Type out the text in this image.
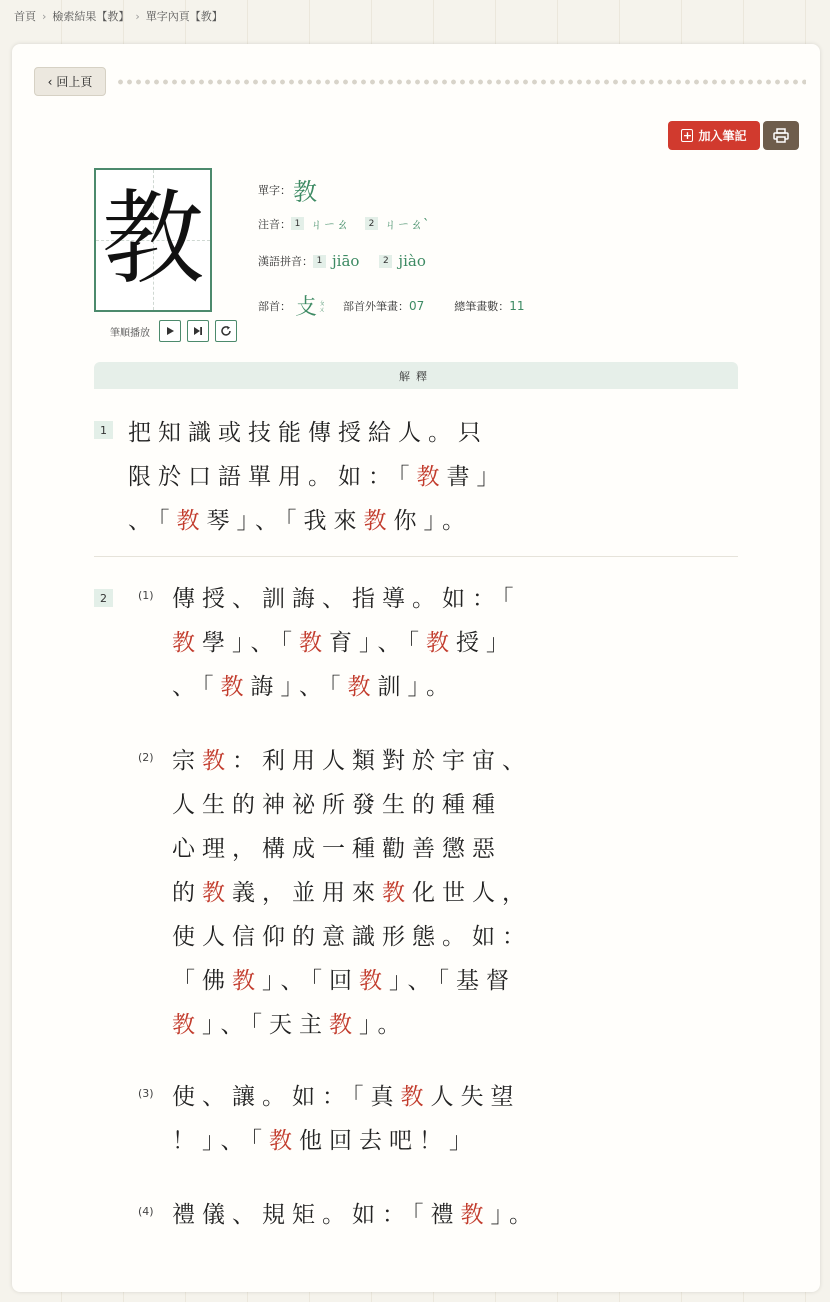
首頁 › 檢索結果【教】 › 單字內頁【教】
‹ 回上頁
+ 加入筆記
教
筆順播放
單字： 教
注音： 1 ㄐㄧㄠ	2 ㄐㄧㄠˋ
漢語拼音： 1 jiāo	2 jiào
部首： 攴 ㄆㄨ 部首外筆畫： 07	總筆畫數： 11
解釋
1 把知識或技能傳授給人。只
限於口語單用。如：「教書」
、「教琴」、「我來教你」。
2	(1) 傳授、訓誨、指導。如：「
教學」、「教育」、「教授」
、「教誨」、「教訓」。
(2) 宗教：利用人類對於宇宙、
人生的神祕所發生的種種
心理，構成一種勸善懲惡
的教義，並用來教化世人，
使人信仰的意識形態。如：
「佛教」、「回教」、「基督
教」、「天主教」。
(3) 使、讓。如：「真教人失望
！」、「教他回去吧！」
(4) 禮儀、規矩。如：「禮教」。
